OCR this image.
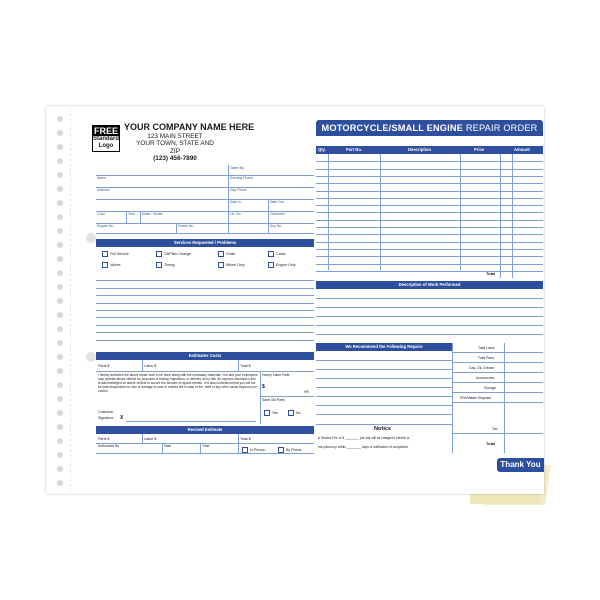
FREE
Standard
Logo
YOUR COMPANY NAME HERE
123 MAIN STREET
YOUR TOWN, STATE AND ZIP
(123) 456-7890
MOTORCYCLE/SMALL ENGINE REPAIR ORDER
Taken By
Name	Evening Phone
Address	Day Phone
Date In	Date Out
Color	Year Make / Model	Lic. No.	Odometer
Engine No.	Frame No.	Key No.
Services Requested / Problems
Full Service	Oil/Filter Change	Chain	Carbs
Valves	Timing	Wheel Only	Engine Only
Qty.	Part No.	Description	Price	Amount
Total
Description of Work Performed
We Recommend the Following Repairs	Total Labor
Total Parts
Gas, Oil, Grease
Accessories
Storage
EPA/Waste Disposal
Tax
Total
Notice
A Service Fee of $ ________ per day will be charged if vehicle is
not picked up within ________ days of notification of completion.
Estimates Costs
Parts $	Labor $	Total $
I hereby authorize the above repair work to be done along with the necessary materials. You and your employees may operate above vehicle for purposes of testing, inspection, or delivery at my risk. An express mechanic's lien is acknowledged on above vehicle to secure the amount of repairs thereto. It is also understood that you will not be held responsible for loss or damage to cars or articles left in case of fire, theft or any other cause beyond your control.
Customer
Signature X
Hourly Labor Rate
$
HR
Save Old Parts
Yes	No
Revised Estimate
Parts $	Labor $	Total $
Authorized By	Date	Time
In Person	By Phone
Thank You
